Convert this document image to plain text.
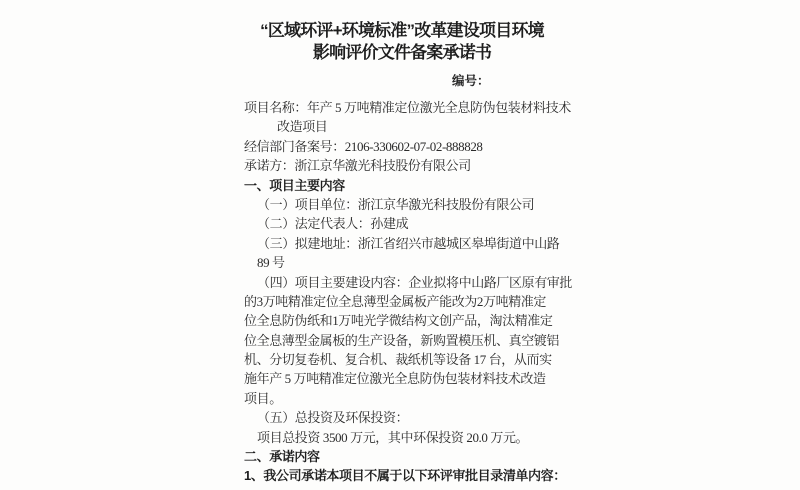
“区域环评+环境标准”改革建设项目环境
影响评价文件备案承诺书
编号：
项目名称：年产 5 万吨精准定位激光全息防伪包装材料技术
改造项目
经信部门备案号：2106-330602-07-02-888828
承诺方：浙江京华激光科技股份有限公司
一、项目主要内容
（一）项目单位：浙江京华激光科技股份有限公司
（二）法定代表人：孙建成
（三）拟建地址：浙江省绍兴市越城区皋埠街道中山路
89 号
（四）项目主要建设内容：企业拟将中山路厂区原有审批
的3万吨精准定位全息薄型金属板产能改为2万吨精准定
位全息防伪纸和1万吨光学微结构文创产品，淘汰精准定
位全息薄型金属板的生产设备，新购置模压机、真空镀铝
机、分切复卷机、复合机、裁纸机等设备 17 台，从而实
施年产 5 万吨精准定位激光全息防伪包装材料技术改造
项目。
（五）总投资及环保投资：
项目总投资 3500 万元，其中环保投资 20.0 万元。
二、承诺内容
1、我公司承诺本项目不属于以下环评审批目录清单内容：
